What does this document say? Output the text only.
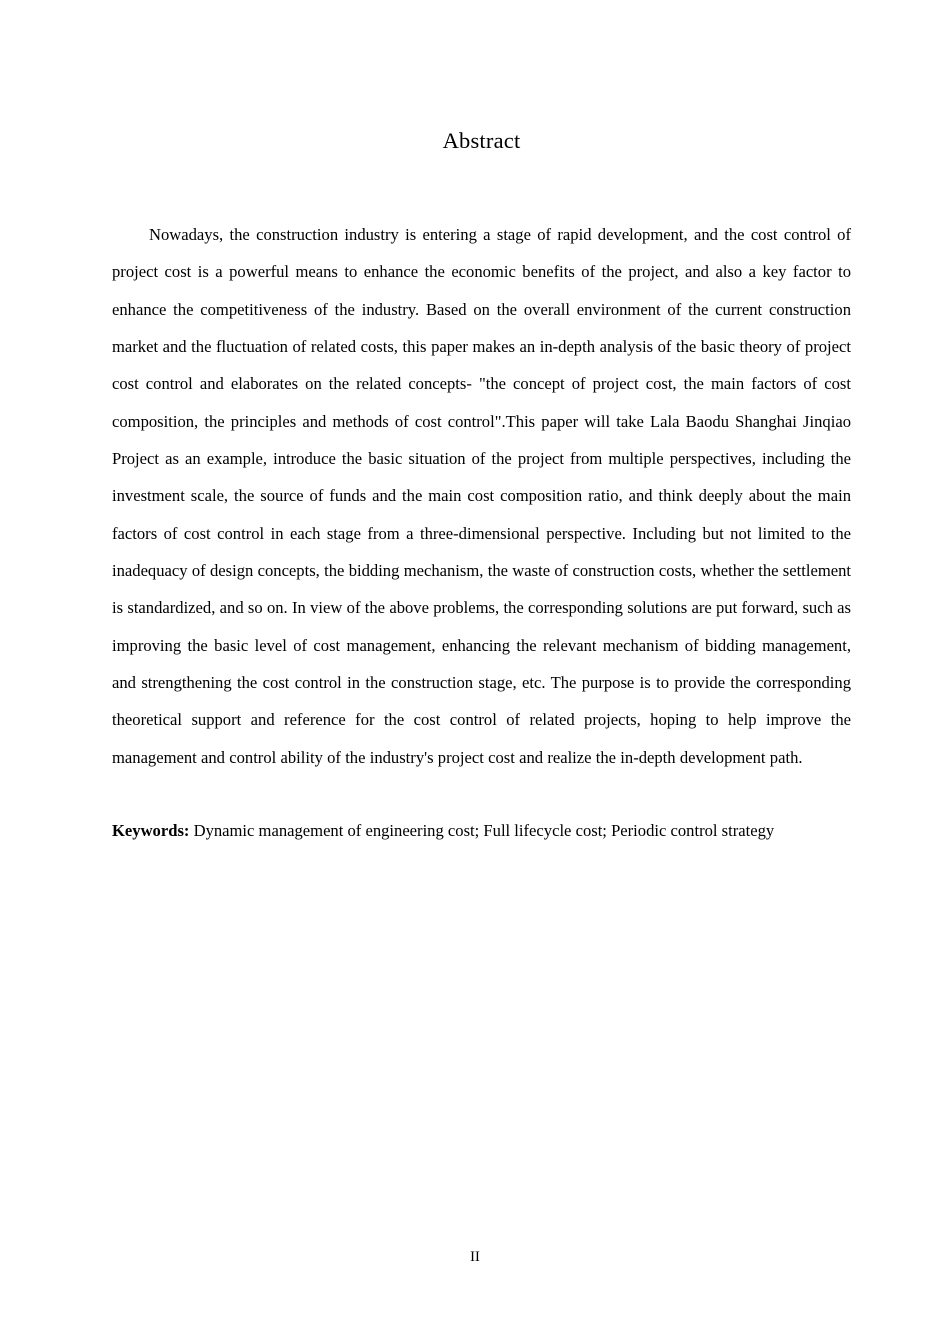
Abstract

Nowadays, the construction industry is entering a stage of rapid development, and the cost control of project cost is a powerful means to enhance the economic benefits of the project, and also a key factor to enhance the competitiveness of the industry. Based on the overall environment of the current construction market and the fluctuation of related costs, this paper makes an in-depth analysis of the basic theory of project cost control and elaborates on the related concepts- "the concept of project cost, the main factors of cost composition, the principles and methods of cost control".This paper will take Lala Baodu Shanghai Jinqiao Project as an example, introduce the basic situation of the project from multiple perspectives, including the investment scale, the source of funds and the main cost composition ratio, and think deeply about the main factors of cost control in each stage from a three-dimensional perspective. Including but not limited to the inadequacy of design concepts, the bidding mechanism, the waste of construction costs, whether the settlement is standardized, and so on. In view of the above problems, the corresponding solutions are put forward, such as improving the basic level of cost management, enhancing the relevant mechanism of bidding management, and strengthening the cost control in the construction stage, etc. The purpose is to provide the corresponding theoretical support and reference for the cost control of related projects, hoping to help improve the management and control ability of the industry's project cost and realize the in-depth development path.

Keywords: Dynamic management of engineering cost; Full lifecycle cost; Periodic control strategy

II
